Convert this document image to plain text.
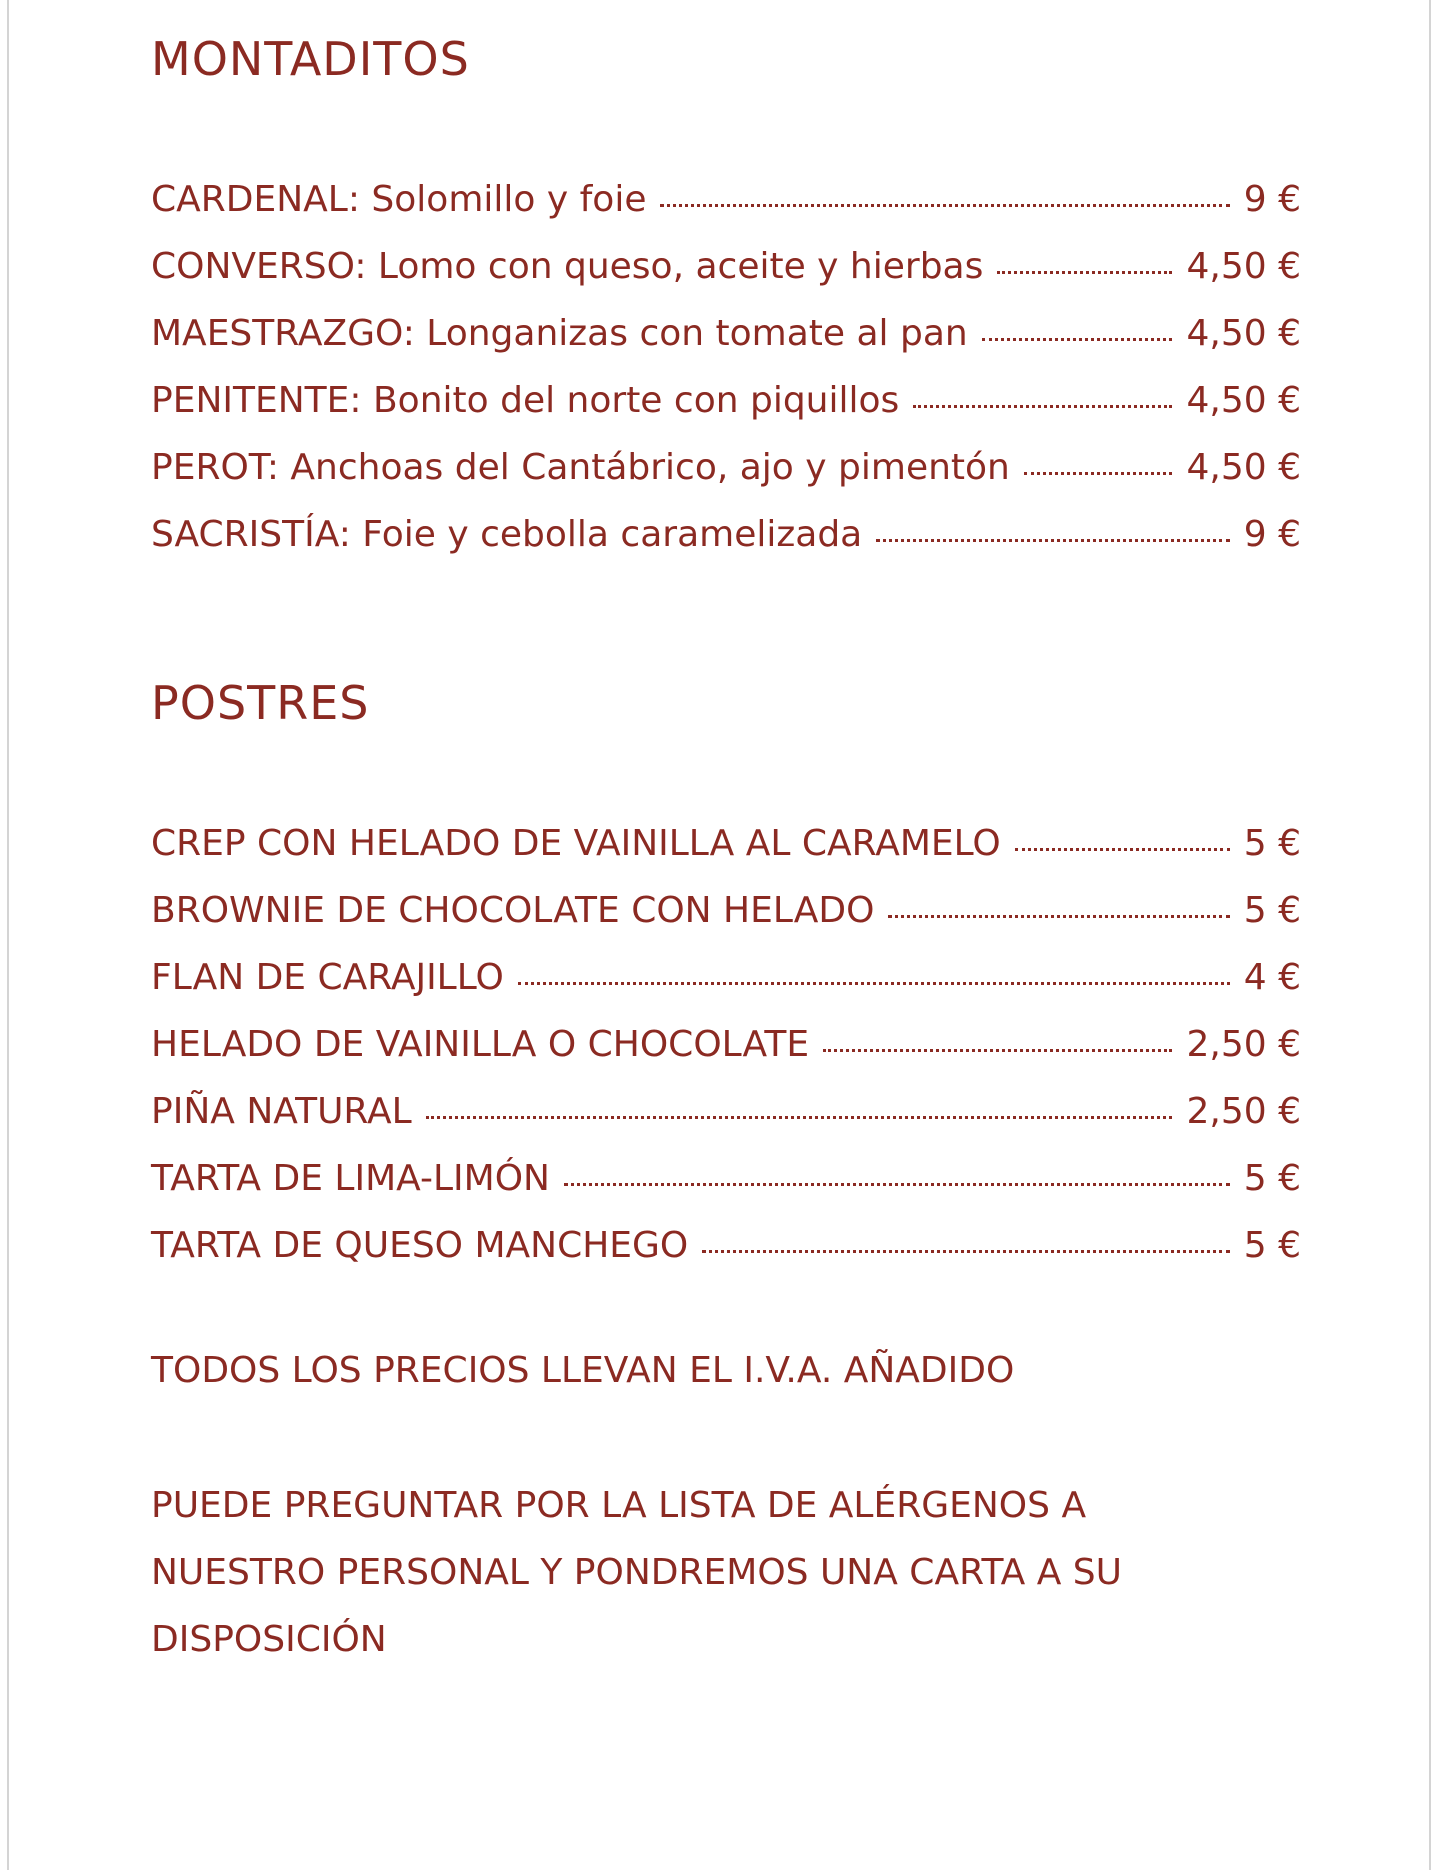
MONTADITOS
CARDENAL: Solomillo y foie	9 €
CONVERSO: Lomo con queso, aceite y hierbas	4,50 €
MAESTRAZGO: Longanizas con tomate al pan	4,50 €
PENITENTE: Bonito del norte con piquillos	4,50 €
PEROT: Anchoas del Cantábrico, ajo y pimentón	4,50 €
SACRISTÍA: Foie y cebolla caramelizada	9 €
POSTRES
CREP CON HELADO DE VAINILLA AL CARAMELO	5 €
BROWNIE DE CHOCOLATE CON HELADO	5 €
FLAN DE CARAJILLO	4 €
HELADO DE VAINILLA O CHOCOLATE	2,50 €
PIÑA NATURAL	2,50 €
TARTA DE LIMA-LIMÓN	5 €
TARTA DE QUESO MANCHEGO	5 €

TODOS LOS PRECIOS LLEVAN EL I.V.A. AÑADIDO

PUEDE PREGUNTAR POR LA LISTA DE ALÉRGENOS A

NUESTRO PERSONAL Y PONDREMOS UNA CARTA A SU

DISPOSICIÓN
